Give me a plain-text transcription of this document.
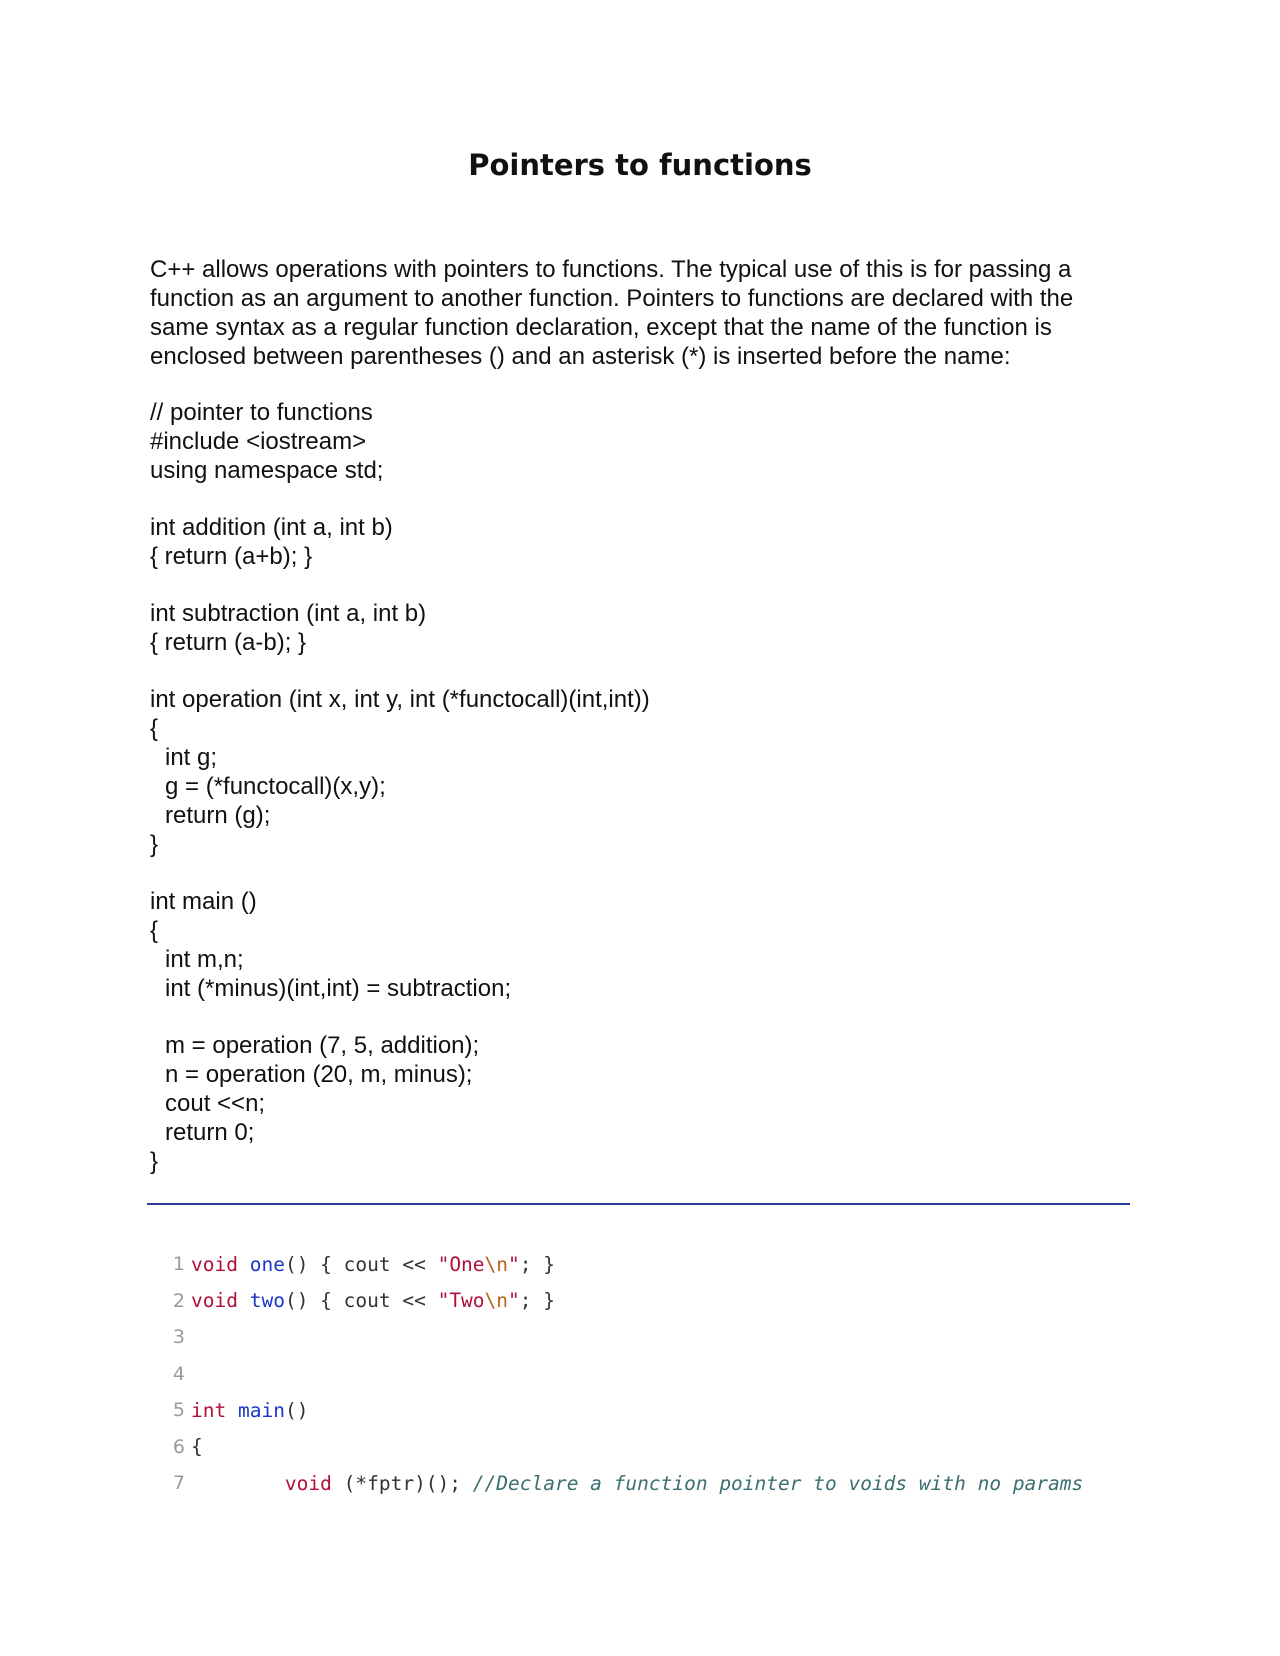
Pointers to functions

C++ allows operations with pointers to functions. The typical use of this is for passing a function as an argument to another function. Pointers to functions are declared with the same syntax as a regular function declaration, except that the name of the function is enclosed between parentheses () and an asterisk (*) is inserted before the name:

// pointer to functions
#include <iostream>
using namespace std;
int addition (int a, int b)
{ return (a+b); }
int subtraction (int a, int b)
{ return (a-b); }
int operation (int x, int y, int (*functocall)(int,int))
{
int g;
g = (*functocall)(x,y);
return (g);
}
int main ()
{
int m,n;
int (*minus)(int,int) = subtraction;
m = operation (7, 5, addition);
n = operation (20, m, minus);
cout <<n;
return 0;
}
1 void
one () { cout << "One \n " ; }
2 void
two () { cout << "Two \n " ; }
3
4
5 int
main ()
6 {
7
	void (*fptr)(); //Declare a function pointer to voids with no params
